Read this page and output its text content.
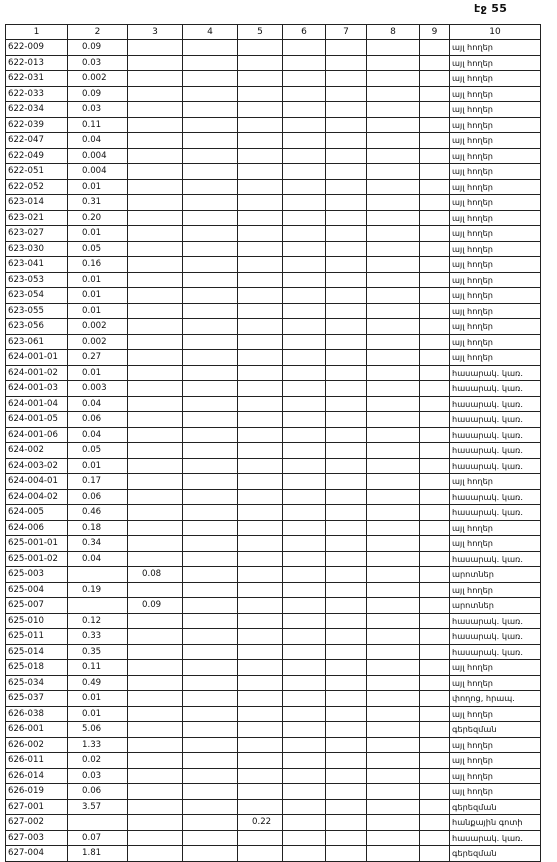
էջ 55
1	2	3	4	5	6	7	8	9	10
622-009	0.09								այլ հողեր
622-013	0.03								այլ հողեր
622-031	0.002								այլ հողեր
622-033	0.09								այլ հողեր
622-034	0.03								այլ հողեր
622-039	0.11								այլ հողեր
622-047	0.04								այլ հողեր
622-049	0.004								այլ հողեր
622-051	0.004								այլ հողեր
622-052	0.01								այլ հողեր
623-014	0.31								այլ հողեր
623-021	0.20								այլ հողեր
623-027	0.01								այլ հողեր
623-030	0.05								այլ հողեր
623-041	0.16								այլ հողեր
623-053	0.01								այլ հողեր
623-054	0.01								այլ հողեր
623-055	0.01								այլ հողեր
623-056	0.002								այլ հողեր
623-061	0.002								այլ հողեր
624-001-01	0.27								այլ հողեր
624-001-02	0.01								հասարակ. կառ.
624-001-03	0.003								հասարակ. կառ.
624-001-04	0.04								հասարակ. կառ.
624-001-05	0.06								հասարակ. կառ.
624-001-06	0.04								հասարակ. կառ.
624-002	0.05								հասարակ. կառ.
624-003-02	0.01								հասարակ. կառ.
624-004-01	0.17								այլ հողեր
624-004-02	0.06								հասարակ. կառ.
624-005	0.46								հասարակ. կառ.
624-006	0.18								այլ հողեր
625-001-01	0.34								այլ հողեր
625-001-02	0.04								հասարակ. կառ.
625-003		0.08							արոտներ
625-004	0.19								այլ հողեր
625-007		0.09							արոտներ
625-010	0.12								հասարակ. կառ.
625-011	0.33								հասարակ. կառ.
625-014	0.35								հասարակ. կառ.
625-018	0.11								այլ հողեր
625-034	0.49								այլ հողեր
625-037	0.01								փողոց, հրապ.
626-038	0.01								այլ հողեր
626-001	5.06								գերեզման
626-002	1.33								այլ հողեր
626-011	0.02								այլ հողեր
626-014	0.03								այլ հողեր
626-019	0.06								այլ հողեր
627-001	3.57								գերեզման
627-002				0.22					հանքային գոտի
627-003	0.07								հասարակ. կառ.
627-004	1.81								գերեզման
